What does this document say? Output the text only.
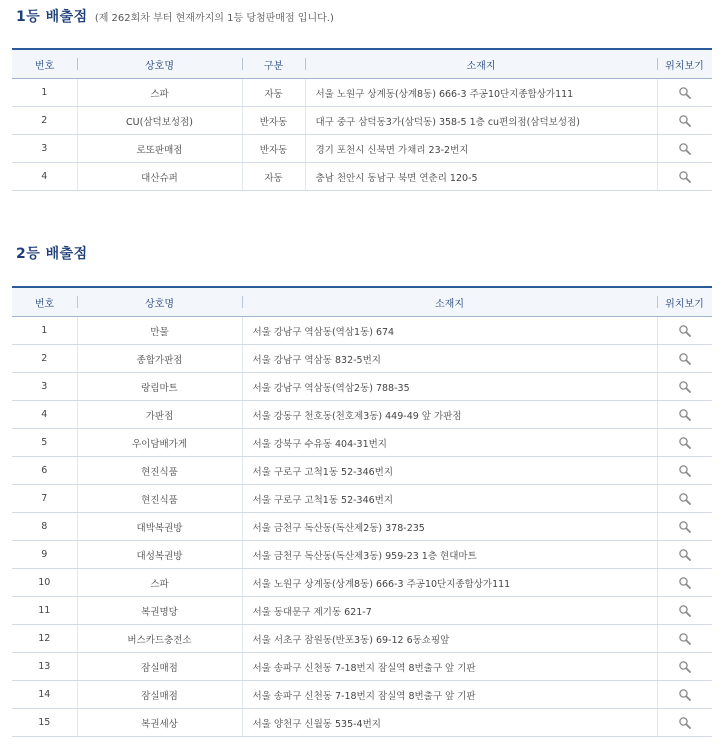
1등 배출점 (제 262회차 부터 현재까지의 1등 당첨판매점 입니다.)
번호	상호명	구분	소재지	위치보기
1	스파	자동	서울 노원구 상계동(상계8동) 666-3 주공10단지종합상가111	

2	CU(삼덕보성점)	반자동	대구 중구 삼덕동3가(삼덕동) 358-5 1층 cu편의점(삼덕보성점)	

3	로또판매점	반자동	경기 포천시 신북면 가채리 23-2번지	

4	대산슈퍼	자동	충남 천안시 동남구 북면 연춘리 120-5	
2등 배출점
번호	상호명	소재지	위치보기
1	만물	서울 강남구 역삼동(역삼1동) 674	

2	종합가판점	서울 강남구 역삼동 832-5번지	

3	랑림마트	서울 강남구 역삼동(역삼2동) 788-35	

4	가판점	서울 강동구 천호동(천호제3동) 449-49 앞 가판점	

5	우이담배가게	서울 강북구 수유동 404-31번지	

6	현진식품	서울 구로구 고척1동 52-346번지	

7	현진식품	서울 구로구 고척1동 52-346번지	

8	대박복권방	서울 금천구 독산동(독산제2동) 378-235	

9	대성복권방	서울 금천구 독산동(독산제3동) 959-23 1층 현대마트	

10	스파	서울 노원구 상계동(상계8동) 666-3 주공10단지종합상가111	

11	복권명당	서울 동대문구 제기동 621-7	

12	버스카드충전소	서울 서초구 잠원동(반포3동) 69-12 6동쇼핑앞	

13	잠실매점	서울 송파구 신천동 7-18번지 잠실역 8번출구 앞 기판	

14	잠실매점	서울 송파구 신천동 7-18번지 잠실역 8번출구 앞 기판	

15	복권세상	서울 양천구 신월동 535-4번지	
